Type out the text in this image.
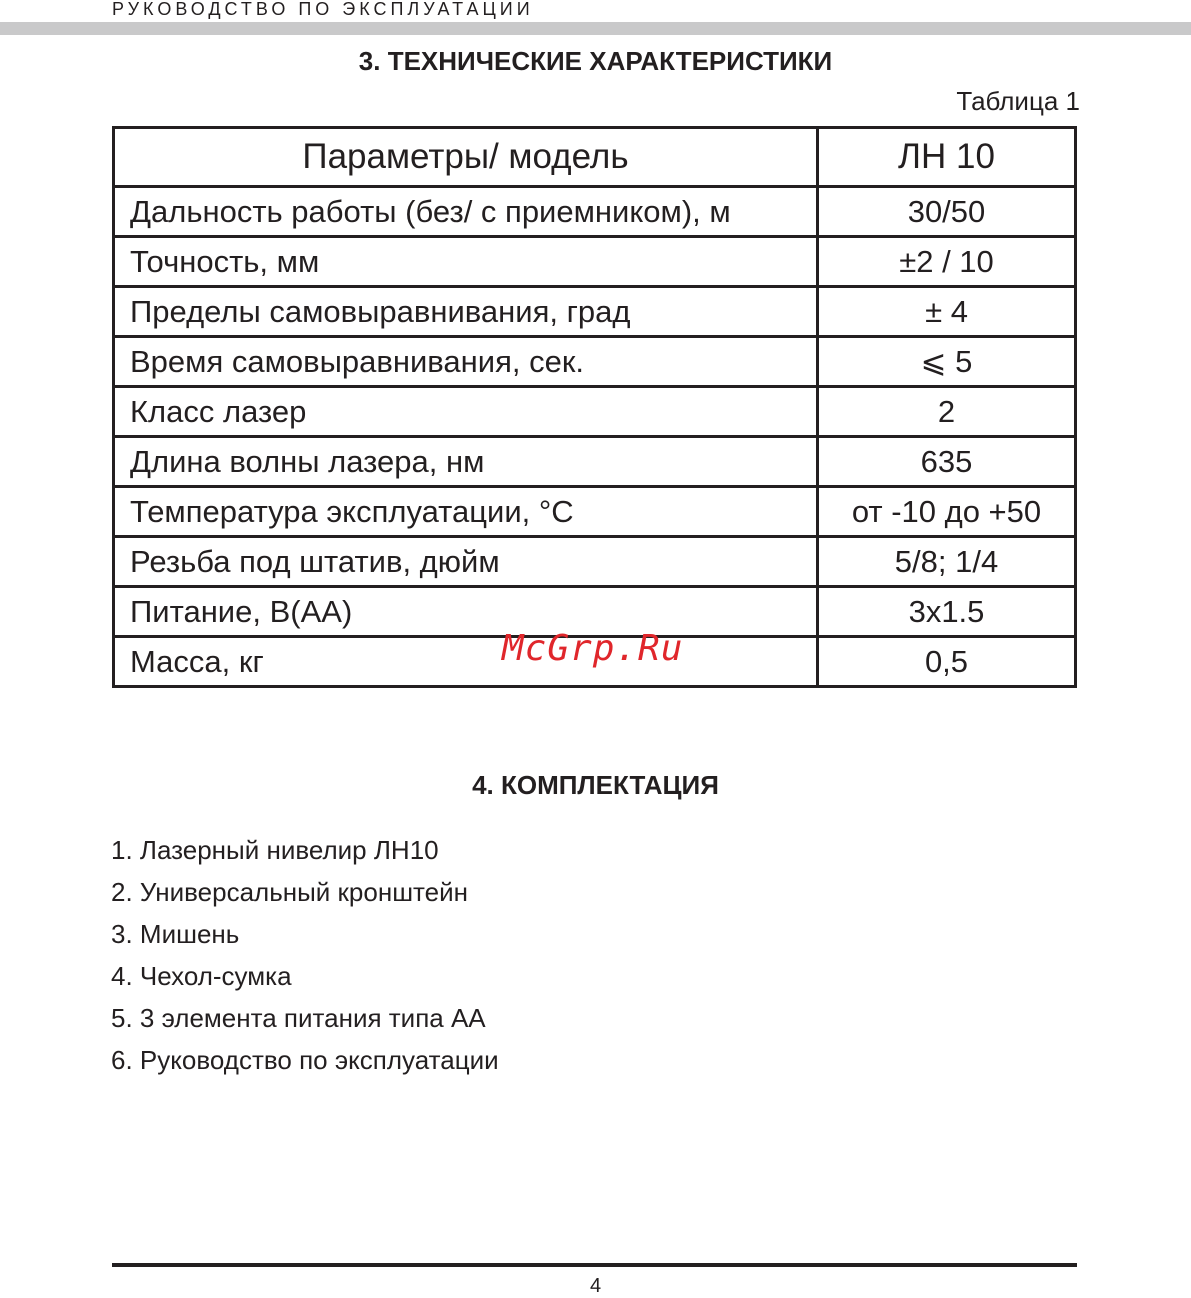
РУКОВОДСТВО ПО ЭКСПЛУАТАЦИИ
3. ТЕХНИЧЕСКИЕ ХАРАКТЕРИСТИКИ
Таблица 1
Параметры/ модель	ЛН 10
Дальность работы (без/ с приемником), м	30/50
Точность, мм	±2 / 10
Пределы самовыравнивания, град	± 4
Время самовыравнивания, сек.	⩽ 5
Класс лазер	2
Длина волны лазера, нм	635
Температура эксплуатации, °C	от -10 до +50
Резьба под штатив, дюйм	5/8; 1/4
Питание, В(АА)	3х1.5
Масса, кг	0,5
McGrp.Ru
4. КОМПЛЕКТАЦИЯ
1. Лазерный нивелир ЛН10
2. Универсальный кронштейн
3. Мишень
4. Чехол-сумка
5. 3 элемента питания типа АА
6. Руководство по эксплуатации
4
